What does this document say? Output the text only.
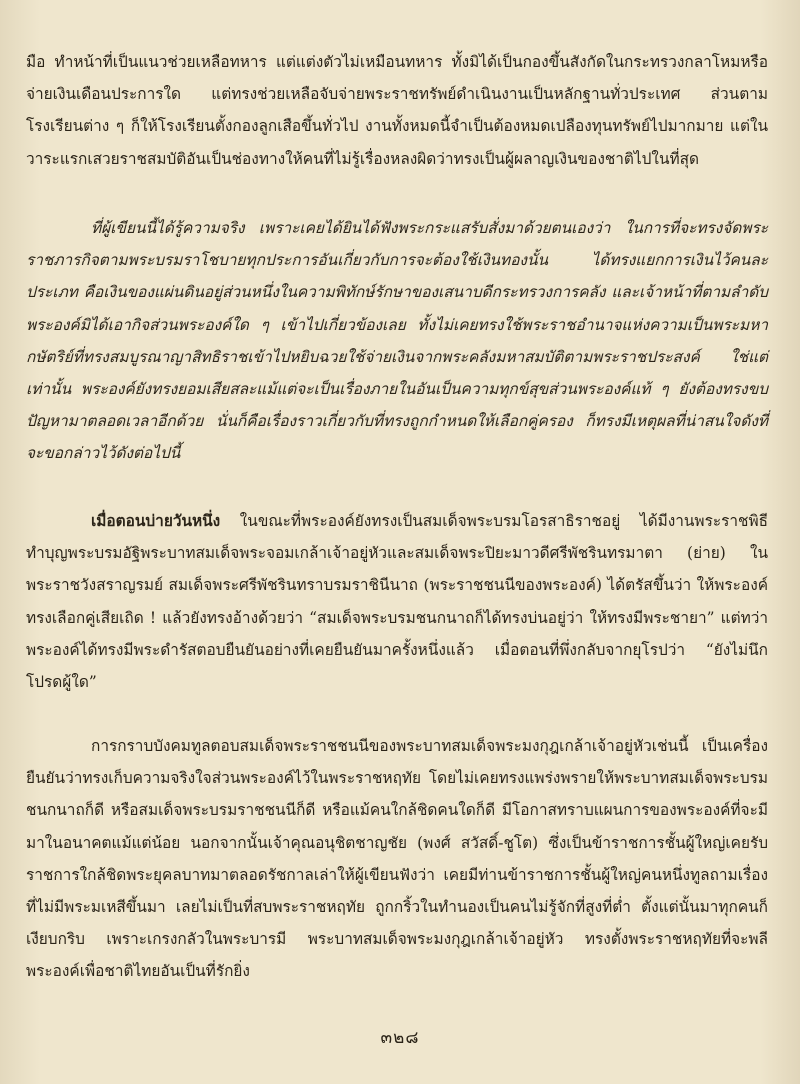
มือ ทำหน้าที่เป็นแนวช่วยเหลือทหาร แต่แต่งตัวไม่เหมือนทหาร ทั้งมิได้เป็นกองขึ้นสังกัดในกระทรวงกลาโหมหรือจ่ายเงินเดือนประการใด แต่ทรงช่วยเหลือจับจ่ายพระราชทรัพย์ดำเนินงานเป็นหลักฐานทั่วประเทศ ส่วนตามโรงเรียนต่าง ๆ ก็ให้โรงเรียนตั้งกองลูกเสือขึ้นทั่วไป งานทั้งหมดนี้จำเป็นต้องหมดเปลืองทุนทรัพย์ไปมากมาย แต่ในวาระแรกเสวยราชสมบัติอันเป็นช่องทางให้คนที่ไม่รู้เรื่องหลงผิดว่าทรงเป็นผู้ผลาญเงินของชาติไปในที่สุด

ที่ผู้เขียนนี้ได้รู้ความจริง เพราะเคยได้ยินได้ฟังพระกระแสรับสั่งมาด้วยตนเองว่า ในการที่จะทรงจัดพระราชภารกิจตามพระบรมราโชบายทุกประการอันเกี่ยวกับการจะต้องใช้เงินทองนั้น ได้ทรงแยกการเงินไว้คนละประเภท คือเงินของแผ่นดินอยู่ส่วนหนึ่งในความพิทักษ์รักษาของเสนาบดีกระทรวงการคลัง และเจ้าหน้าที่ตามลำดับ พระองค์มิได้เอากิจส่วนพระองค์ใด ๆ เข้าไปเกี่ยวข้องเลย ทั้งไม่เคยทรงใช้พระราชอำนาจแห่งความเป็นพระมหากษัตริย์ที่ทรงสมบูรณาญาสิทธิราชเข้าไปหยิบฉวยใช้จ่ายเงินจากพระคลังมหาสมบัติตามพระราชประสงค์ ใช่แต่เท่านั้น พระองค์ยังทรงยอมเสียสละแม้แต่จะเป็นเรื่องภายในอันเป็นความทุกข์สุขส่วนพระองค์แท้ ๆ ยังต้องทรงขบปัญหามาตลอดเวลาอีกด้วย นั่นก็คือเรื่องราวเกี่ยวกับที่ทรงถูกกำหนดให้เลือกคู่ครอง ก็ทรงมีเหตุผลที่น่าสนใจดังที่จะขอกล่าวไว้ดังต่อไปนี้

เมื่อตอนบ่ายวันหนึ่ง ในขณะที่พระองค์ยังทรงเป็นสมเด็จพระบรมโอรสาธิราชอยู่ ได้มีงานพระราชพิธีทำบุญพระบรมอัฐิพระบาทสมเด็จพระจอมเกล้าเจ้าอยู่หัวและสมเด็จพระปิยะมาวดีศรีพัชรินทรมาตา (ย่าย) ในพระราชวังสราญรมย์ สมเด็จพระศรีพัชรินทราบรมราชินีนาถ (พระราชชนนีของพระองค์) ได้ตรัสขึ้นว่า ให้พระองค์ทรงเลือกคู่เสียเถิด ! แล้วยังทรงอ้างด้วยว่า “สมเด็จพระบรมชนกนาถก็ได้ทรงบ่นอยู่ว่า ให้ทรงมีพระชายา” แต่ทว่าพระองค์ได้ทรงมีพระดำรัสตอบยืนยันอย่างที่เคยยืนยันมาครั้งหนึ่งแล้ว เมื่อตอนที่พึ่งกลับจากยุโรปว่า “ยังไม่นึกโปรดผู้ใด”

การกราบบังคมทูลตอบสมเด็จพระราชชนนีของพระบาทสมเด็จพระมงกุฎเกล้าเจ้าอยู่หัวเช่นนี้ เป็นเครื่องยืนยันว่าทรงเก็บความจริงใจส่วนพระองค์ไว้ในพระราชหฤทัย โดยไม่เคยทรงแพร่งพรายให้พระบาทสมเด็จพระบรมชนกนาถก็ดี หรือสมเด็จพระบรมราชชนนีก็ดี หรือแม้คนใกล้ชิดคนใดก็ดี มีโอกาสทราบแผนการของพระองค์ที่จะมีมาในอนาคตแม้แต่น้อย นอกจากนั้นเจ้าคุณอนุชิตชาญชัย (พงศ์ สวัสดิ์-ชูโต) ซึ่งเป็นข้าราชการชั้นผู้ใหญ่เคยรับราชการใกล้ชิดพระยุคลบาทมาตลอดรัชกาลเล่าให้ผู้เขียนฟังว่า เคยมีท่านข้าราชการชั้นผู้ใหญ่คนหนึ่งทูลถามเรื่องที่ไม่มีพระมเหสีขึ้นมา เลยไม่เป็นที่สบพระราชหฤทัย ถูกกริ้วในทำนองเป็นคนไม่รู้จักที่สูงที่ต่ำ ตั้งแต่นั้นมาทุกคนก็เงียบกริบ เพราะเกรงกลัวในพระบารมี พระบาทสมเด็จพระมงกุฎเกล้าเจ้าอยู่หัว ทรงตั้งพระราชหฤทัยที่จะพลีพระองค์เพื่อชาติไทยอันเป็นที่รักยิ่ง

๓๒๘
